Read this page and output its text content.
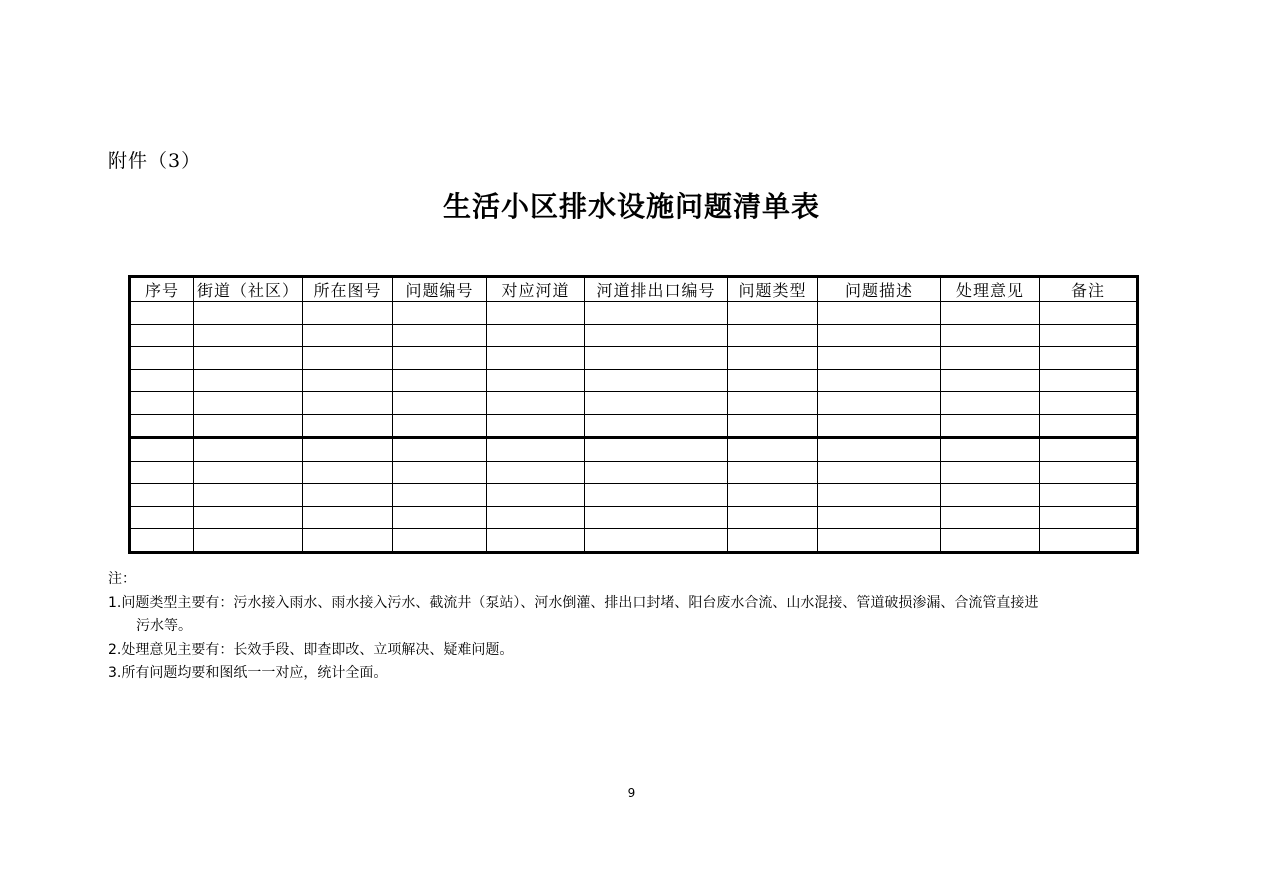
附件（3）
生活小区排水设施问题清单表
序号	街道（社区）	所在图号	问题编号	对应河道	河道排出口编号	问题类型	问题描述	处理意见	备注

注：
1.问题类型主要有：污水接入雨水、雨水接入污水、截流井（泵站）、河水倒灌、排出口封堵、阳台废水合流、山水混接、管道破损渗漏、合流管直接进
污水等。
2.处理意见主要有：长效手段、即查即改、立项解决、疑难问题。
3.所有问题均要和图纸一一对应，统计全面。
9
